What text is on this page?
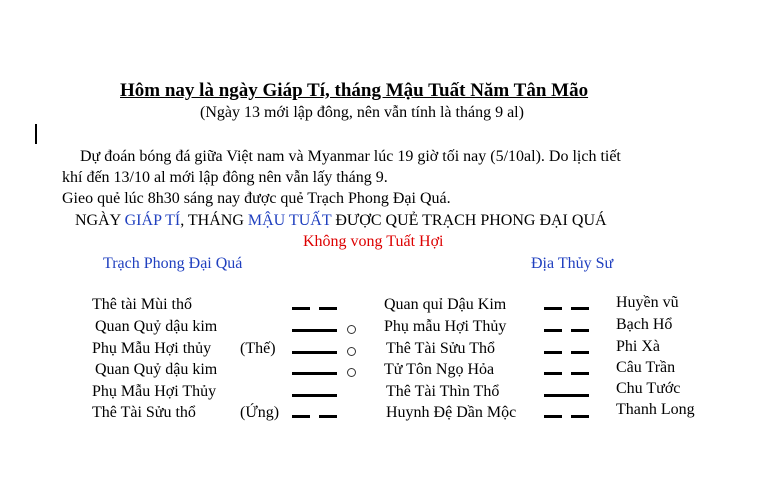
Hôm nay là ngày Giáp Tí, tháng Mậu Tuất Năm Tân Mão
(Ngày 13 mới lập đông, nên vẫn tính là tháng 9 al)
Dự đoán bóng đá giữa Việt nam và Myanmar lúc 19 giờ tối nay (5/10al). Do lịch tiết
khí đến 13/10 al mới lập đông nên vẫn lấy tháng 9.
Gieo quẻ lúc 8h30 sáng nay được quẻ Trạch Phong Đại Quá.
NGÀY GIÁP TÍ, THÁNG MẬU TUẤT ĐƯỢC QUẺ TRẠCH PHONG ĐẠI QUÁ
Không vong Tuất Hợi
Trạch Phong Đại Quá	Địa Thủy Sư
Thê tài Mùi thổ	Quan quỉ Dậu Kim	Huyền vũ
Quan Quỷ dậu kim	Phụ mẫu Hợi Thủy	Bạch Hổ
Phụ Mẫu Hợi thủy (Thế)	Thê Tài Sửu Thổ	Phi Xà
Quan Quỷ dậu kim	Tử Tôn Ngọ Hỏa	Câu Trần
Phụ Mẫu Hợi Thủy	Thê Tài Thìn Thổ	Chu Tước
Thê Tài Sửu thổ	(Ứng)	Huynh Đệ Dần Mộc	Thanh Long
